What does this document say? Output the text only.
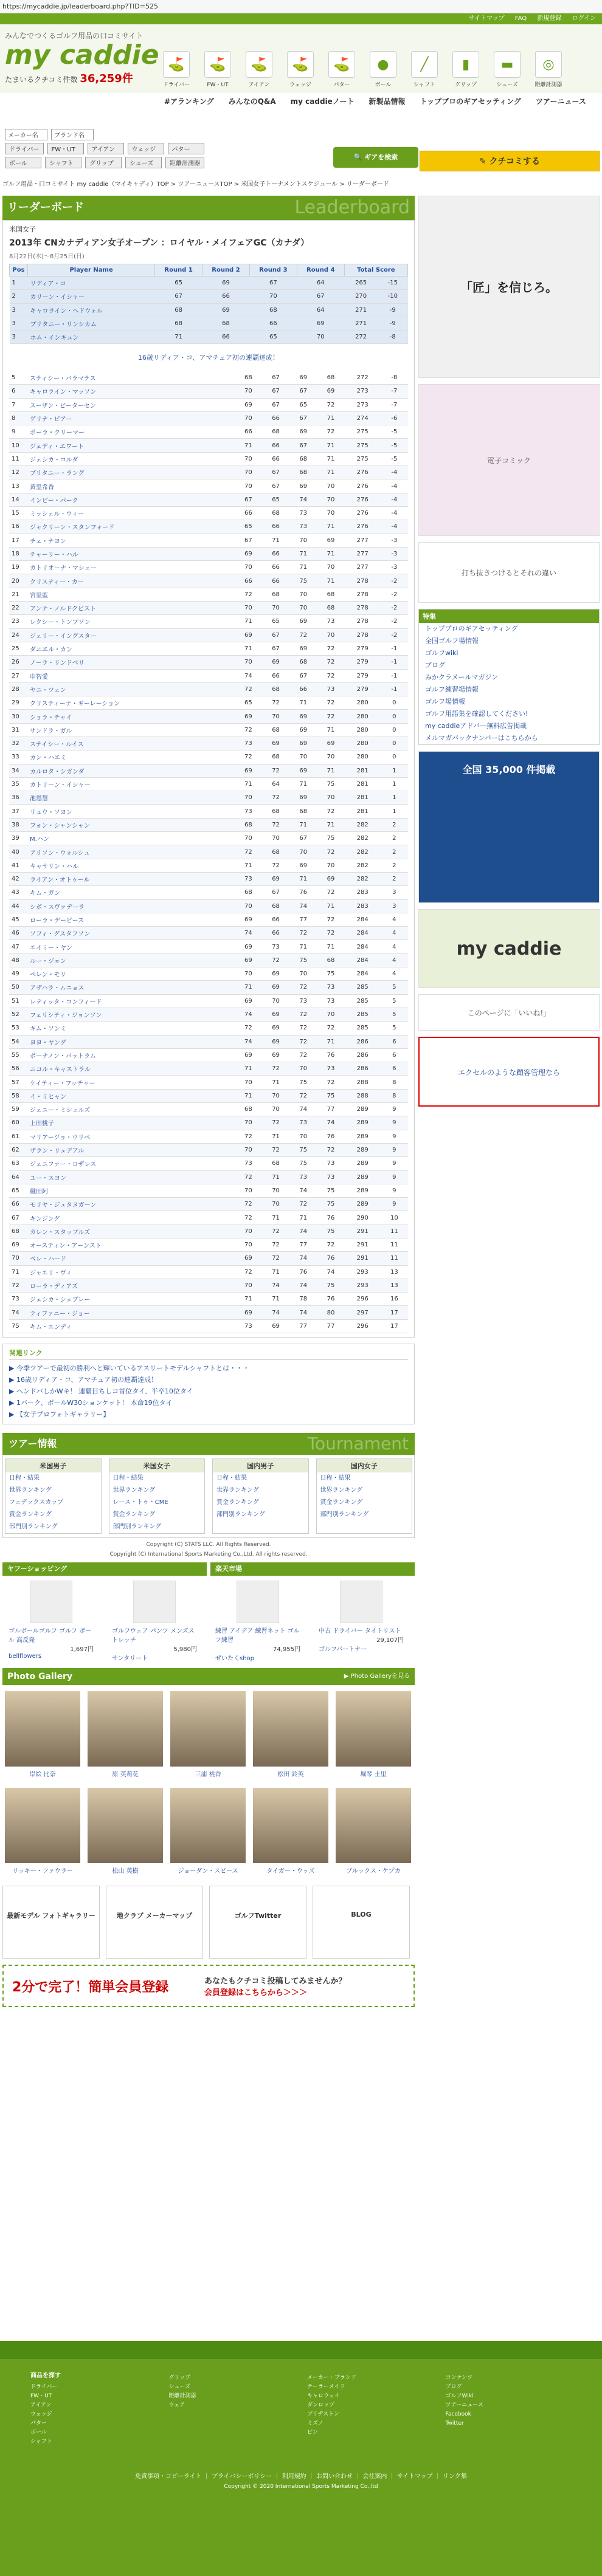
https://mycaddie.jp/leaderboard.php?TID=525
サイトマップ FAQ 新規登録 ログイン
みんなでつくるゴルフ用品の口コミサイト
my caddie
たまいるクチコミ件数 36,259件
⛳
ドライバー
⛳
FW・UT
⛳
アイアン
⛳
ウェッジ
⛳
パター
●
ボール
╱
シャフト
▮
グリップ
▬
シューズ
◎
距離計測器
#アランキング みんなのQ&A my caddieノート 新製品情報 トップブロのギアセッティング ツアーニュース
メーカー名	ブランド名
ドライバー	FW・UT	アイアン	ウェッジ	パター
ボール	シャフト	グリップ	シューズ	距離計測器
🔍 ギアを検索	✎ クチコミする
ゴルフ用品・口コミサイト my caddie（マイキャディ）TOP > ツアーニュースTOP > 米国女子トーナメントスケジュール > リーダーボード
リーダーボード	Leaderboard
米国女子
2013年 CNカナディアン女子オープン ：ロイヤル・メイフェアGC（カナダ）
8月22日(木)〜8月25日(日)
Pos	Player Name	Round 1	Round 2	Round 3	Round 4	Total Score	
1	リディア・コ	65	69	67	64	265	-15
2	カリーン・イシャー	67	66	70	67	270	-10
3	キャロライン・ヘドウォル	68	69	68	64	271	-9
3	ブリタニー・リンシカム	68	68	66	69	271	-9
3	ホム・インキュン	71	66	65	70	272	-8
16歳リディア・コ、アマチュア初の連覇達成！
5	スティシー・バラマテス	68	67	69	68	272	-8
6	キャロライン・マッソン	70	67	67	69	273	-7
7	スーザン・ピーターセン	69	67	65	72	273	-7
8	ゲリナ・ピアー	70	66	67	71	274	-6
9	ポーラ・クリーマー	66	68	69	72	275	-5
10	ジェディ・エワート	71	66	67	71	275	-5
11	ジェシカ・コルダ	70	66	68	71	275	-5
12	ブリタニー・ラング	70	67	68	71	276	-4
13	黄里希香	70	67	69	70	276	-4
14	インビー・パーク	67	65	74	70	276	-4
15	ミッシェル・ウィー	66	68	73	70	276	-4
16	ジャクリーン・スタンフォード	65	66	73	71	276	-4
17	チェ・ナヨン	67	71	70	69	277	-3
18	チャーリー・ハル	69	66	71	71	277	-3
19	カトリオーナ・マシュー	70	66	71	70	277	-3
20	クリスティー・カー	66	66	75	71	278	-2
21	宮里藍	72	68	70	68	278	-2
22	アンナ・ノルドクビスト	70	70	70	68	278	-2
23	レクシー・トンプソン	71	65	69	73	278	-2
24	ジェリー・イングスター	69	67	72	70	278	-2
25	ダニエル・カン	71	67	69	72	279	-1
26	ノーラ・リンドベリ	70	69	68	72	279	-1
27	申智愛	74	66	67	72	279	-1
28	ヤニ・ツェン	72	68	66	73	279	-1
29	クリスティーナ・ギーレーション	65	72	71	72	280	0
30	ショラ・チャイ	69	70	69	72	280	0
31	サンドラ・ガル	72	68	69	71	280	0
32	ステイシー・ルイス	73	69	69	69	280	0
33	カン・ハエミ	72	68	70	70	280	0
34	カルロタ・シガンダ	69	72	69	71	281	1
35	カトリーン・イシャー	71	64	71	75	281	1
36	池恩慧	70	72	69	70	281	1
37	リュウ・ソヨン	73	68	68	72	281	1
38	フォン・シャンシャン	68	72	71	71	282	2
39	M.ハン	70	70	67	75	282	2
40	アリソン・ウォルシュ	72	68	70	72	282	2
41	キャサリン・ハル	71	72	69	70	282	2
42	ライアン・オトゥール	73	69	71	69	282	2
43	キム・ガン	68	67	76	72	283	3
44	シボ・スヴァデーラ	70	68	74	71	283	3
45	ローラ・デービース	69	66	77	72	284	4
46	ソフィ・グスタフソン	74	66	72	72	284	4
47	エイミー・ヤン	69	73	71	71	284	4
48	ルー・ジョン	69	72	75	68	284	4
49	ペレン・モリ	70	69	70	75	284	4
50	アザハラ・ムニョス	71	69	72	73	285	5
51	レティッタ・コンフィード	69	70	73	73	285	5
52	フェリシティ・ジョンソン	74	69	72	70	285	5
53	キム・ソンミ	72	69	72	72	285	5
54	ヨヨ・ヤング	74	69	72	71	286	6
55	ポーナノン・パットラム	69	69	72	76	286	6
56	ニコル・キャストラル	71	72	70	73	286	6
57	ケイティー・フッチャー	70	71	75	72	288	8
58	イ・ミヒャン	71	70	72	75	288	8
59	ジェニー・ミシェルズ	68	70	74	77	289	9
60	上田桃子	70	72	73	74	289	9
61	マリアージョ・ウリベ	72	71	70	76	289	9
62	ザラン・リュデアル	70	72	75	72	289	9
63	ジェニファー・ロザレス	73	68	75	73	289	9
64	ユー・スヨン	72	71	73	73	289	9
65	織田阿	70	70	74	75	289	9
66	モリヤ・ジュタヌガーン	72	70	72	75	289	9
67	キンジング	72	71	71	76	290	10
68	カレン・スタップルズ	70	72	74	75	291	11
69	オースティン・アーンスト	70	72	77	72	291	11
70	ペレ・ハード	69	72	74	76	291	11
71	ジャエリ・ヴィ	72	71	76	74	293	13
72	ローラ・ディアズ	70	74	74	75	293	13
73	ジェシカ・シェブレー	71	71	78	76	296	16
74	ティファニー・ジョー	69	74	74	80	297	17
75	キム・エンディ	73	69	77	77	296	17
関連リンク
▶ 今季ツアーで最初の勝利へと輝いているアスリートモデルシャフトとは・・・
▶ 16歳リディア・コ、アマチュア初の連覇達成！
▶ ヘンドバしかWキ！ 連覇目ちしコ首位タイ、半卒10位タイ
▶ 1バーク、ボールW30ションケット！ 本命19位タイ
▶ 【女子プロフォトギャラリー】
ツアー情報	Tournament
米国男子
日程・結果
世界ランキング
フェデックスカップ
賞金ランキング
部門別ランキング
米国女子
日程・結果
世界ランキング
レース・トゥ・CME
賞金ランキング
部門別ランキング
国内男子
日程・結果
世界ランキング
賞金ランキング
部門別ランキング
国内女子
日程・結果
世界ランキング
賞金ランキング
部門別ランキング
Copyright (C) STATS LLC. All Rights Reserved.
Copyright (C) International Sports Marketing Co.,Ltd. All rights reserved.
ヤフーショッピング	楽天市場
ゴルボールゴルフ ゴルフ ボール 高反発
1,697円
bellflowers
ゴルフウェア パンツ メンズストレッチ
5,980円
サンタリート
練習 アイデア 練習ネット ゴルフ練習
74,955円
ぜいたくshop
中古 ドライバー タイトリスト
29,107円
ゴルフパートナー
Photo Gallery	▶ Photo Galleryを見る
岸絵 比奈	原 英莉花	三浦 桃香	松田 鈴英	堀琴 土里
リッキー・ファウラー	松山 英樹	ジョーダン・スピース	タイガー・ウッズ	ブルックス・ケプカ
最新モデル フォトギャラリー	地クラブ メーカーマップ	ゴルフTwitter	BLOG
2分で完了！簡単会員登録	あなたもクチコミ投稿してみませんか？
会員登録はこちらから＞＞＞
「匠」を信じろ。
電子コミック
打ち抜きつけるとそれの違い
特集
トッププロのギアセッティング
全国ゴルフ場情報
ゴルフwiki
ブログ
みかクラメールマガジン
ゴルフ練習場情報
ゴルフ場情報
ゴルフ用語集を確認してください!
my caddieアドバー無料広告掲載
メルマガバックナンバーはこちらから
全国 35,000 件掲載
my caddie
このページに「いいね!」
エクセルのような顧客管理なら
商品を探す
ドライバー
FW・UT
アイアン
ウェッジ
パター
ボール
シャフト
グリップ
シューズ
距離計測器
ウェア
メーカー・ブランド
テーラーメイド
キャロウェイ
ダンロップ
ブリヂストン
ミズノ
ピン
コンテンツ
ブログ
ゴルフWiki
ツアーニュース
Facebook
Twitter
免責事項・コピーライト ｜ プライバシーポリシー ｜ 利用規約 ｜ お問い合わせ ｜ 会社案内 ｜ サイトマップ ｜ リンク集
Copyright © 2020 International Sports Marketing Co.,ltd
